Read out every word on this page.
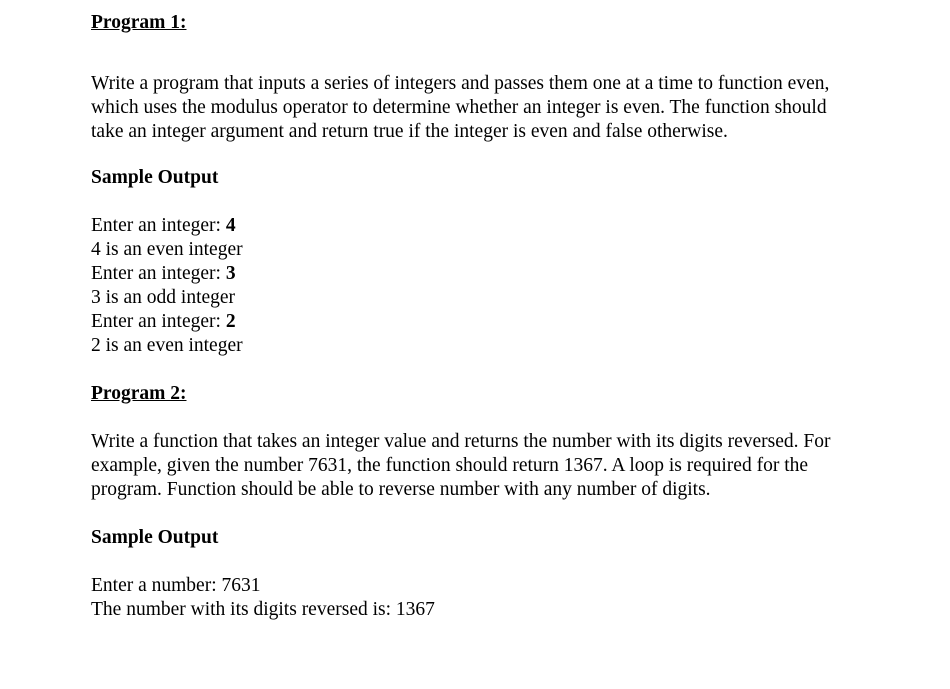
Program 1:

Write a program that inputs a series of integers and passes them one at a time to function even, which uses the modulus operator to determine whether an integer is even. The function should take an integer argument and return true if the integer is even and false otherwise.

Sample Output
Enter an integer: 4
4 is an even integer
Enter an integer: 3
3 is an odd integer
Enter an integer: 2
2 is an even integer
Program 2:

Write a function that takes an integer value and returns the number with its digits reversed. For example, given the number 7631, the function should return 1367. A loop is required for the program. Function should be able to reverse number with any number of digits.

Sample Output
Enter a number: 7631
The number with its digits reversed is: 1367
